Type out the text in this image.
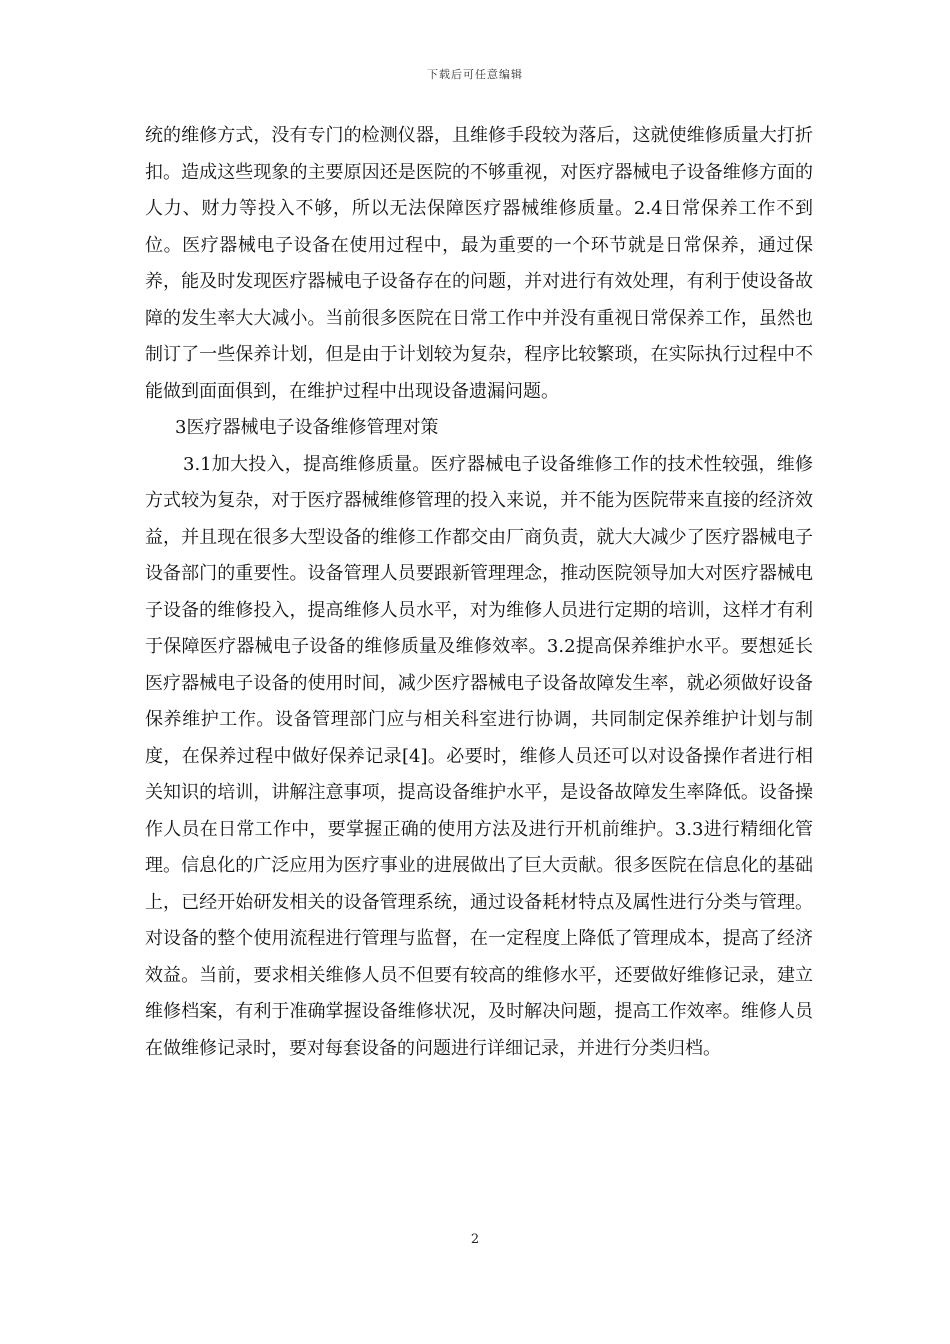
下载后可任意编辑

统的维修方式，没有专门的检测仪器，且维修手段较为落后，这就使维修质量大打折扣。造成这些现象的主要原因还是医院的不够重视，对医疗器械电子设备维修方面的人力、财力等投入不够，所以无法保障医疗器械维修质量。2.4日常保养工作不到位。医疗器械电子设备在使用过程中，最为重要的一个环节就是日常保养，通过保养，能及时发现医疗器械电子设备存在的问题，并对进行有效处理，有利于使设备故障的发生率大大减小。当前很多医院在日常工作中并没有重视日常保养工作，虽然也制订了一些保养计划，但是由于计划较为复杂，程序比较繁琐，在实际执行过程中不能做到面面俱到，在维护过程中出现设备遗漏问题。

3医疗器械电子设备维修管理对策

3.1加大投入，提高维修质量。医疗器械电子设备维修工作的技术性较强，维修方式较为复杂，对于医疗器械维修管理的投入来说，并不能为医院带来直接的经济效益，并且现在很多大型设备的维修工作都交由厂商负责，就大大减少了医疗器械电子设备部门的重要性。设备管理人员要跟新管理理念，推动医院领导加大对医疗器械电子设备的维修投入，提高维修人员水平，对为维修人员进行定期的培训，这样才有利于保障医疗器械电子设备的维修质量及维修效率。3.2提高保养维护水平。要想延长医疗器械电子设备的使用时间，减少医疗器械电子设备故障发生率，就必须做好设备保养维护工作。设备管理部门应与相关科室进行协调，共同制定保养维护计划与制度，在保养过程中做好保养记录[4]。必要时，维修人员还可以对设备操作者进行相关知识的培训，讲解注意事项，提高设备维护水平，是设备故障发生率降低。设备操作人员在日常工作中，要掌握正确的使用方法及进行开机前维护。3.3进行精细化管理。信息化的广泛应用为医疗事业的进展做出了巨大贡献。很多医院在信息化的基础上，已经开始研发相关的设备管理系统，通过设备耗材特点及属性进行分类与管理。对设备的整个使用流程进行管理与监督，在一定程度上降低了管理成本，提高了经济效益。当前，要求相关维修人员不但要有较高的维修水平，还要做好维修记录，建立维修档案，有利于准确掌握设备维修状况，及时解决问题，提高工作效率。维修人员在做维修记录时，要对每套设备的问题进行详细记录，并进行分类归档。

2
